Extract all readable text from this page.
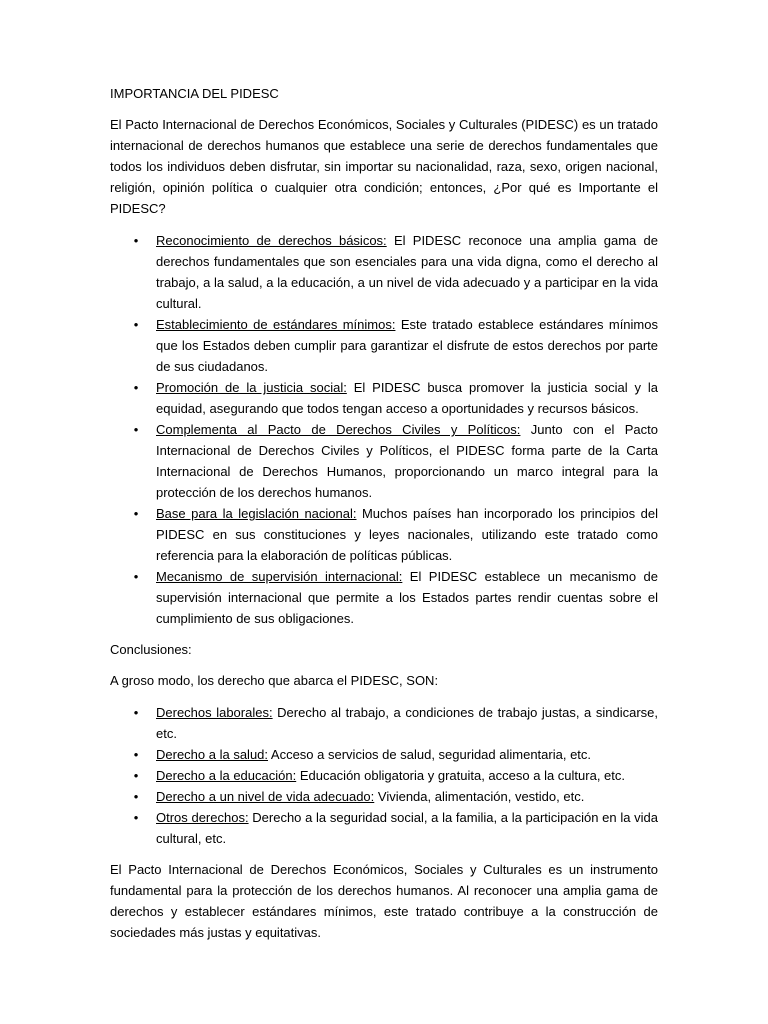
IMPORTANCIA DEL PIDESC

El Pacto Internacional de Derechos Económicos, Sociales y Culturales (PIDESC) es un tratado internacional de derechos humanos que establece una serie de derechos fundamentales que todos los individuos deben disfrutar, sin importar su nacionalidad, raza, sexo, origen nacional, religión, opinión política o cualquier otra condición; entonces, ¿Por qué es Importante el PIDESC?

• Reconocimiento de derechos básicos: El PIDESC reconoce una amplia gama de derechos fundamentales que son esenciales para una vida digna, como el derecho al trabajo, a la salud, a la educación, a un nivel de vida adecuado y a participar en la vida cultural.
• Establecimiento de estándares mínimos: Este tratado establece estándares mínimos que los Estados deben cumplir para garantizar el disfrute de estos derechos por parte de sus ciudadanos.
• Promoción de la justicia social: El PIDESC busca promover la justicia social y la equidad, asegurando que todos tengan acceso a oportunidades y recursos básicos.
• Complementa al Pacto de Derechos Civiles y Políticos: Junto con el Pacto Internacional de Derechos Civiles y Políticos, el PIDESC forma parte de la Carta Internacional de Derechos Humanos, proporcionando un marco integral para la protección de los derechos humanos.
• Base para la legislación nacional: Muchos países han incorporado los principios del PIDESC en sus constituciones y leyes nacionales, utilizando este tratado como referencia para la elaboración de políticas públicas.
• Mecanismo de supervisión internacional: El PIDESC establece un mecanismo de supervisión internacional que permite a los Estados partes rendir cuentas sobre el cumplimiento de sus obligaciones.

Conclusiones:

A groso modo, los derecho que abarca el PIDESC, SON:

• Derechos laborales: Derecho al trabajo, a condiciones de trabajo justas, a sindicarse, etc.
• Derecho a la salud: Acceso a servicios de salud, seguridad alimentaria, etc.
• Derecho a la educación: Educación obligatoria y gratuita, acceso a la cultura, etc.
• Derecho a un nivel de vida adecuado: Vivienda, alimentación, vestido, etc.
• Otros derechos: Derecho a la seguridad social, a la familia, a la participación en la vida cultural, etc.

El Pacto Internacional de Derechos Económicos, Sociales y Culturales es un instrumento fundamental para la protección de los derechos humanos. Al reconocer una amplia gama de derechos y establecer estándares mínimos, este tratado contribuye a la construcción de sociedades más justas y equitativas.
